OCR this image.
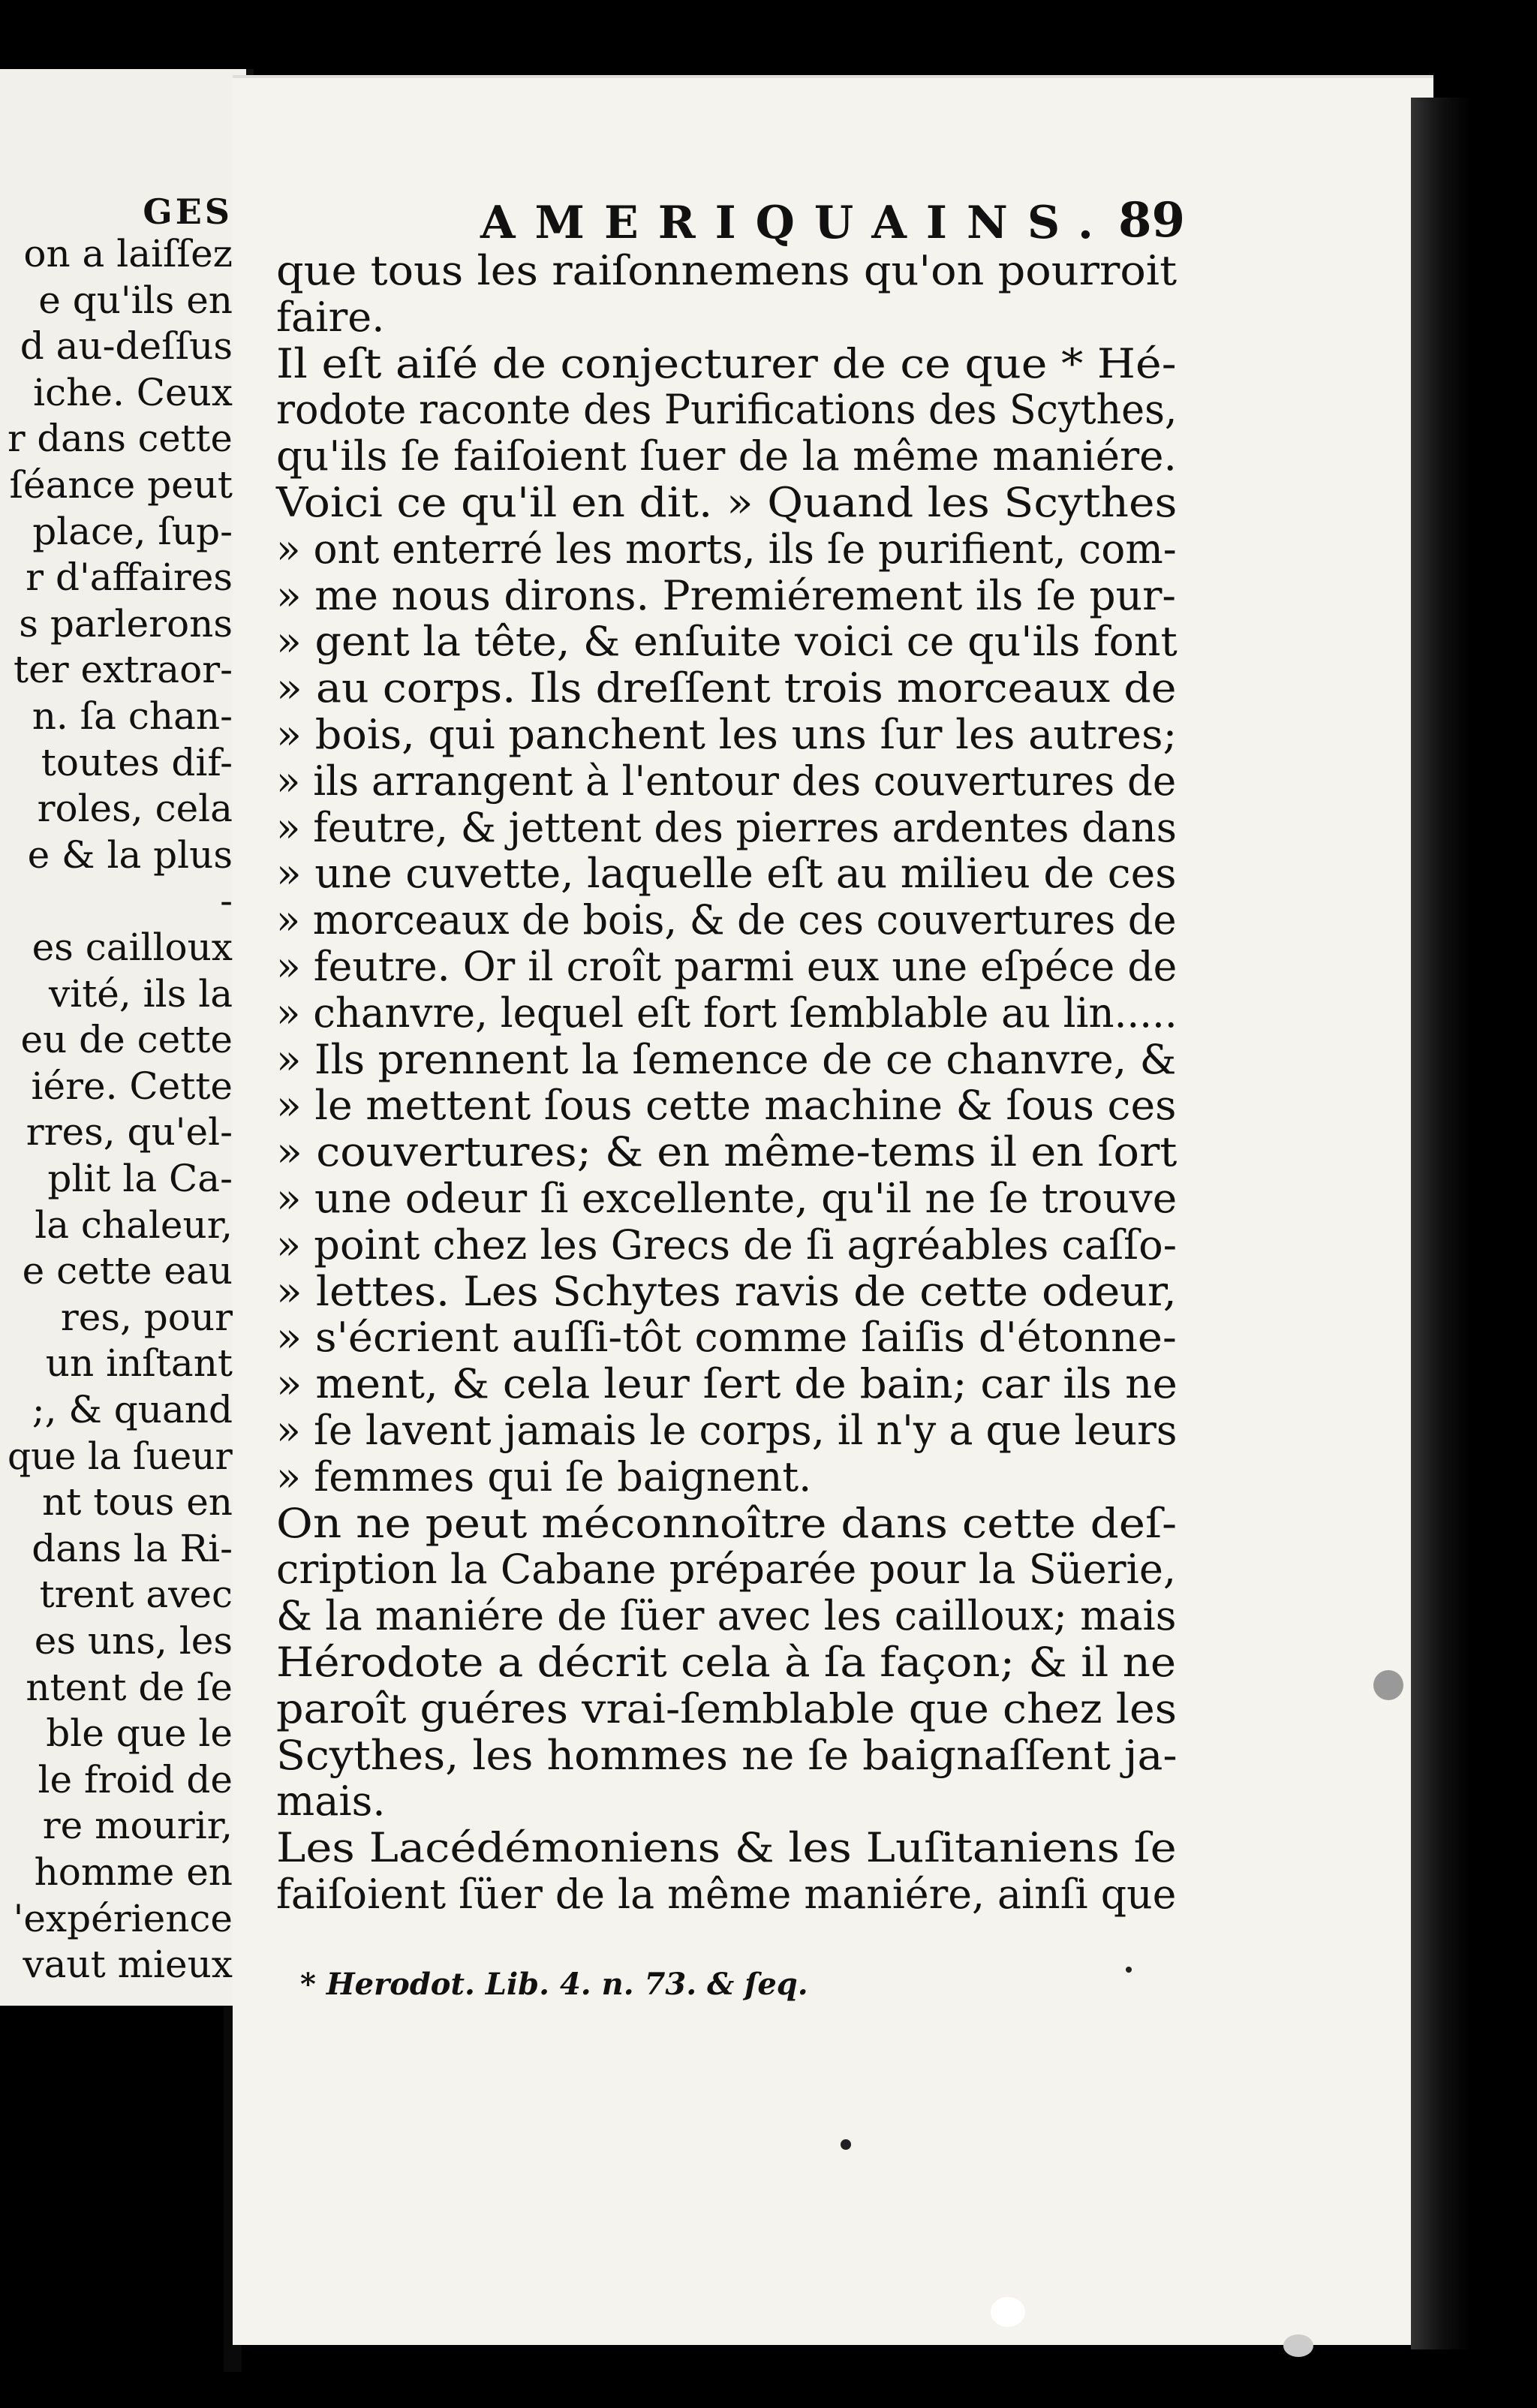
GES
on a laiſſez
e qu'ils en
d au-deſſus
iche. Ceux
r dans cette
ſéance peut
place, ſup-
r d'affaires
s parlerons
ter extraor-
n. ſa chan-
toutes dif-
roles, cela
e & la plus
-
es cailloux
vité, ils la
eu de cette
iére. Cette
rres, qu'el-
plit la Ca-
la chaleur,
e cette eau
res, pour
un inſtant
;, & quand
que la ſueur
nt tous en
dans la Ri-
trent avec
es uns, les
ntent de ſe
ble que le
le froid de
re mourir,
homme en
'expérience
vaut mieux
AMERIQUAINS. 89
que tous les raiſonnemens qu'on pourroit
faire.
Il eſt aiſé de conjecturer de ce que * Hé-
rodote raconte des Purifications des Scythes,
qu'ils ſe faiſoient ſuer de la même maniére.
Voici ce qu'il en dit. » Quand les Scythes
» ont enterré les morts, ils ſe purifient, com-
» me nous dirons. Premiérement ils ſe pur-
» gent la tête, & enſuite voici ce qu'ils font
» au corps. Ils dreſſent trois morceaux de
» bois, qui panchent les uns ſur les autres;
» ils arrangent à l'entour des couvertures de
» feutre, & jettent des pierres ardentes dans
» une cuvette, laquelle eſt au milieu de ces
» morceaux de bois, & de ces couvertures de
» feutre. Or il croît parmi eux une eſpéce de
» chanvre, lequel eſt fort ſemblable au lin.....
» Ils prennent la ſemence de ce chanvre, &
» le mettent ſous cette machine & ſous ces
» couvertures; & en même-tems il en ſort
» une odeur ſi excellente, qu'il ne ſe trouve
» point chez les Grecs de ſi agréables caſſo-
» lettes. Les Schytes ravis de cette odeur,
» s'écrient auſſi-tôt comme ſaiſis d'étonne-
» ment, & cela leur ſert de bain; car ils ne
» ſe lavent jamais le corps, il n'y a que leurs
» femmes qui ſe baignent.
On ne peut méconnoître dans cette deſ-
cription la Cabane préparée pour la Süerie,
& la maniére de ſüer avec les cailloux; mais
Hérodote a décrit cela à ſa façon; & il ne
paroît guéres vrai-ſemblable que chez les
Scythes, les hommes ne ſe baignaſſent ja-
mais.
Les Lacédémoniens & les Luſitaniens ſe
faiſoient ſüer de la même maniére, ainſi que
* Herodot. Lib. 4. n. 73. & ſeq.
